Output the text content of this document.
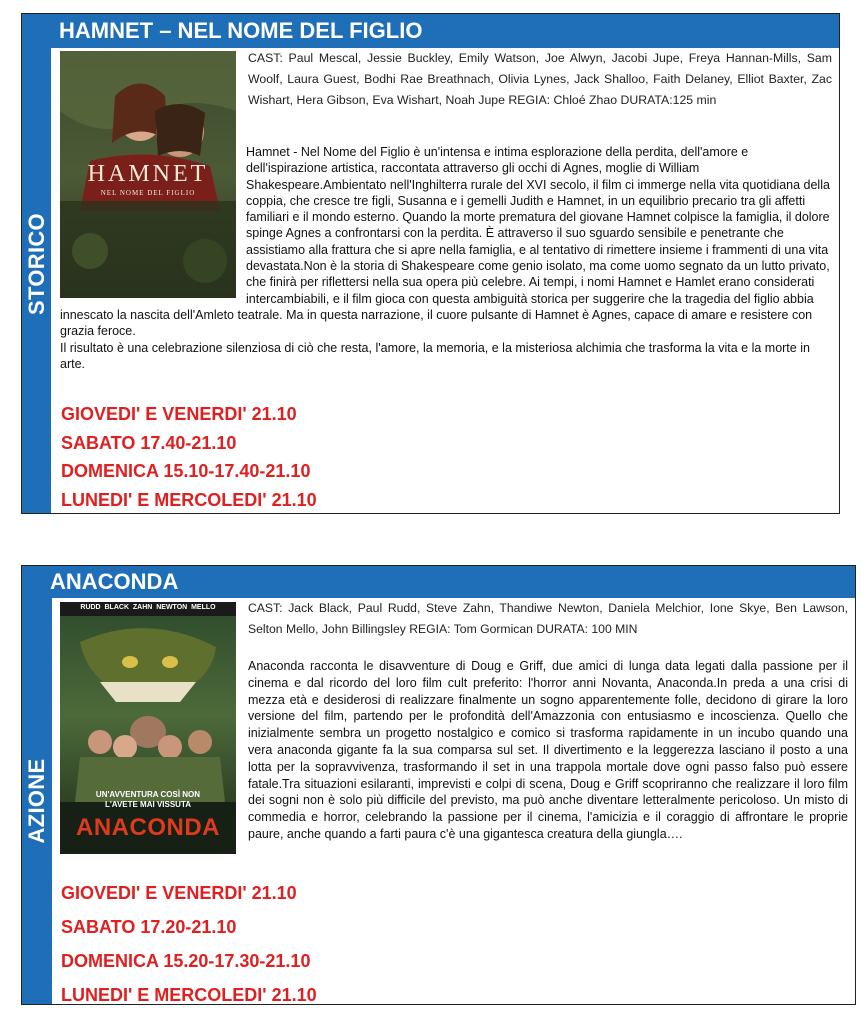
HAMNET – NEL NOME DEL FIGLIO
STORICO
HAMNET
NEL NOME DEL FIGLIO
CAST: Paul Mescal, Jessie Buckley, Emily Watson, Joe Alwyn, Jacobi Jupe, Freya Hannan-Mills, Sam Woolf, Laura Guest, Bodhi Rae Breathnach, Olivia Lynes, Jack Shalloo, Faith Delaney, Elliot Baxter, Zac Wishart, Hera Gibson, Eva Wishart, Noah Jupe REGIA: Chloé Zhao DURATA:125 min

Hamnet - Nel Nome del Figlio è un'intensa e intima esplorazione della perdita, dell'amore e dell'ispirazione artistica, raccontata attraverso gli occhi di Agnes, moglie di William Shakespeare.Ambientato nell'Inghilterra rurale del XVI secolo, il film ci immerge nella vita quotidiana della coppia, che cresce tre figli, Susanna e i gemelli Judith e Hamnet, in un equilibrio precario tra gli affetti familiari e il mondo esterno. Quando la morte prematura del giovane Hamnet colpisce la famiglia, il dolore spinge Agnes a confrontarsi con la perdita. È attraverso il suo sguardo sensibile e penetrante che assistiamo alla frattura che si apre nella famiglia, e al tentativo di rimettere insieme i frammenti di una vita devastata.Non è la storia di Shakespeare come genio isolato, ma come uomo segnato da un lutto privato, che finirà per riflettersi nella sua opera più celebre. Ai tempi, i nomi Hamnet e Hamlet erano considerati intercambiabili, e il film gioca con questa ambiguità storica per suggerire che la tragedia del figlio abbia innescato la nascita dell'Amleto teatrale. Ma in questa narrazione, il cuore pulsante di Hamnet è Agnes, capace di amare e resistere con grazia feroce.

Il risultato è una celebrazione silenziosa di ciò che resta, l'amore, la memoria, e la misteriosa alchimia che trasforma la vita e la morte in arte.

GIOVEDI' E VENERDI' 21.10
SABATO 17.40-21.10
DOMENICA 15.10-17.40-21.10
LUNEDI' E MERCOLEDI' 21.10
ANACONDA
AZIONE
RUDD  BLACK  ZAHN  NEWTON  MELLO
UN'AVVENTURA COSÌ NON L'AVETE MAI VISSUTA
ANACONDA
CAST: Jack Black, Paul Rudd, Steve Zahn, Thandiwe Newton, Daniela Melchior, Ione Skye, Ben Lawson, Selton Mello, John Billingsley REGIA: Tom Gormican DURATA: 100 MIN

Anaconda racconta le disavventure di Doug e Griff, due amici di lunga data legati dalla passione per il cinema e dal ricordo del loro film cult preferito: l'horror anni Novanta, Anaconda.In preda a una crisi di mezza età e desiderosi di realizzare finalmente un sogno apparentemente folle, decidono di girare la loro versione del film, partendo per le profondità dell'Amazzonia con entusiasmo e incoscienza. Quello che inizialmente sembra un progetto nostalgico e comico si trasforma rapidamente in un incubo quando una vera anaconda gigante fa la sua comparsa sul set. Il divertimento e la leggerezza lasciano il posto a una lotta per la sopravvivenza, trasformando il set in una trappola mortale dove ogni passo falso può essere fatale.Tra situazioni esilaranti, imprevisti e colpi di scena, Doug e Griff scopriranno che realizzare il loro film dei sogni non è solo più difficile del previsto, ma può anche diventare letteralmente pericoloso. Un misto di commedia e horror, celebrando la passione per il cinema, l'amicizia e il coraggio di affrontare le proprie paure, anche quando a farti paura c'è una gigantesca creatura della giungla….

GIOVEDI' E VENERDI' 21.10
SABATO 17.20-21.10
DOMENICA 15.20-17.30-21.10
LUNEDI' E MERCOLEDI' 21.10
